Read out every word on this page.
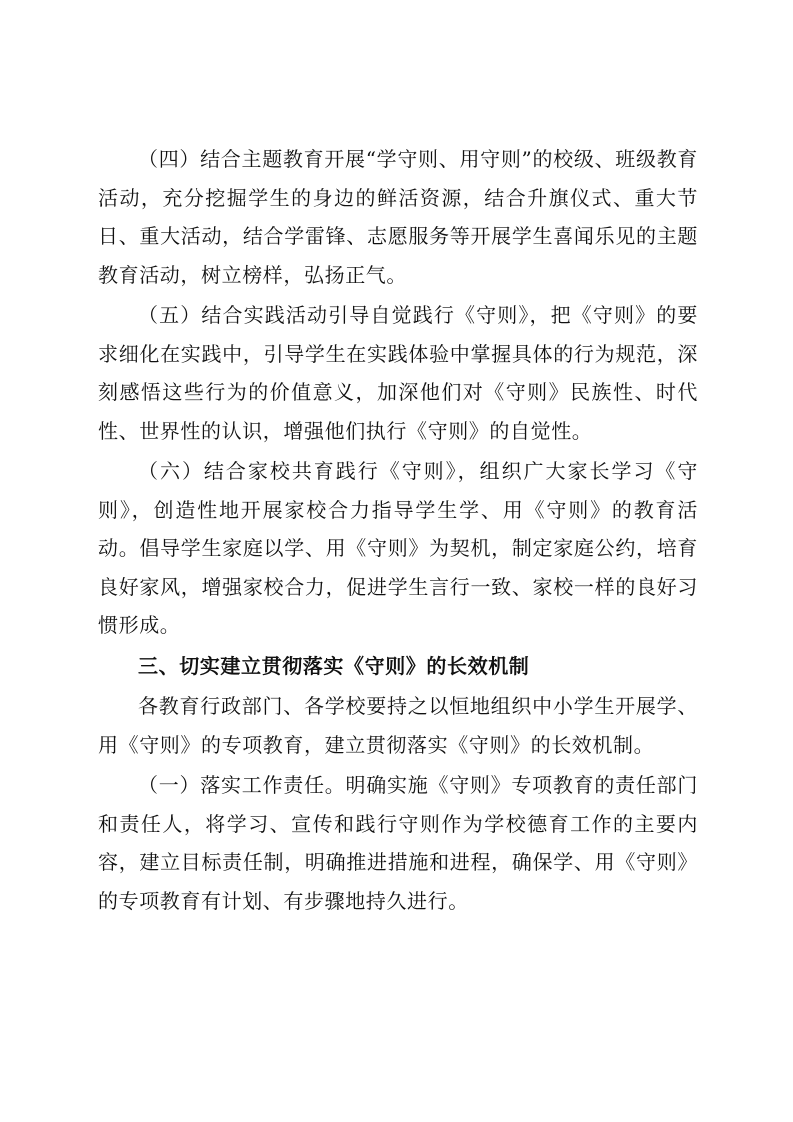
（四）结合主题教育开展“学守则、用守则”的校级、班级教育活动，充分挖掘学生的身边的鲜活资源，结合升旗仪式、重大节日、重大活动，结合学雷锋、志愿服务等开展学生喜闻乐见的主题教育活动，树立榜样，弘扬正气。

（五）结合实践活动引导自觉践行《守则》，把《守则》的要求细化在实践中，引导学生在实践体验中掌握具体的行为规范，深刻感悟这些行为的价值意义，加深他们对《守则》民族性、时代性、世界性的认识，增强他们执行《守则》的自觉性。

（六）结合家校共育践行《守则》，组织广大家长学习《守则》，创造性地开展家校合力指导学生学、用《守则》的教育活动。倡导学生家庭以学、用《守则》为契机，制定家庭公约，培育良好家风，增强家校合力，促进学生言行一致、家校一样的良好习惯形成。

三、切实建立贯彻落实《守则》的长效机制

各教育行政部门、各学校要持之以恒地组织中小学生开展学、用《守则》的专项教育，建立贯彻落实《守则》的长效机制。

（一）落实工作责任。明确实施《守则》专项教育的责任部门和责任人，将学习、宣传和践行守则作为学校德育工作的主要内容，建立目标责任制，明确推进措施和进程，确保学、用《守则》的专项教育有计划、有步骤地持久进行。
